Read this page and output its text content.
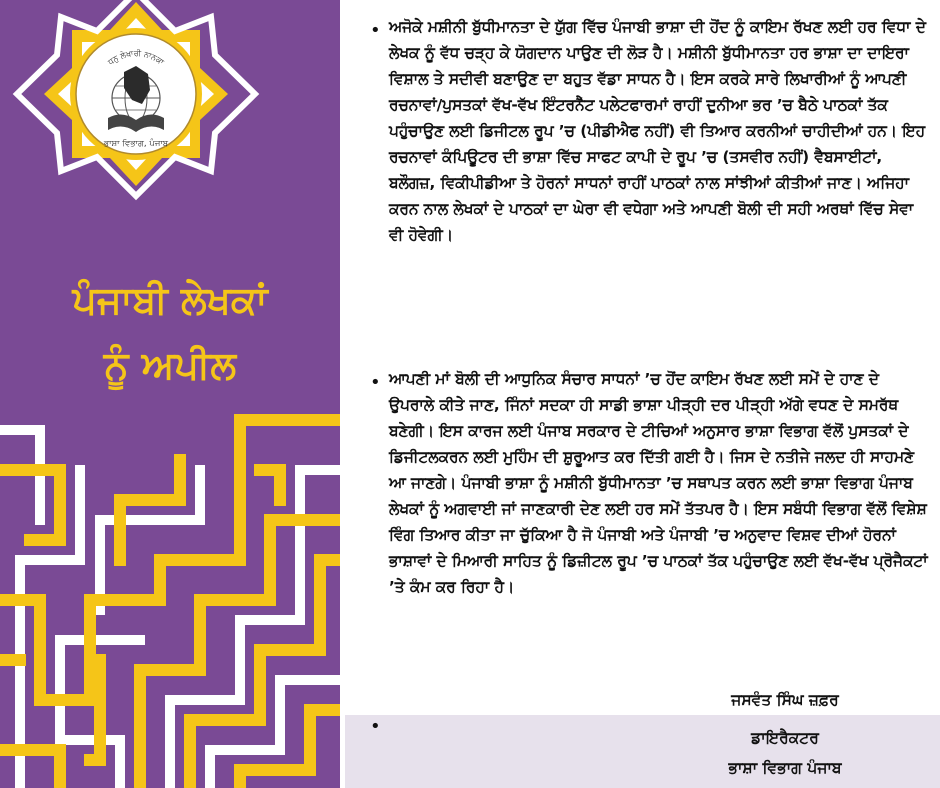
ਧਨੁ ਲੇਖਾਰੀ ਨਾਨਕਾ
ਭਾਸ਼ਾ ਵਿਭਾਗ, ਪੰਜਾਬ
ਪੰਜਾਬੀ ਲੇਖਕਾਂ
ਨੂੰ ਅਪੀਲ
• ਅਜੋਕੇ ਮਸ਼ੀਨੀ ਬੁੱਧੀਮਾਨਤਾ ਦੇ ਯੁੱਗ ਵਿੱਚ ਪੰਜਾਬੀ ਭਾਸ਼ਾ ਦੀ ਹੋਂਦ ਨੂੰ ਕਾਇਮ ਰੱਖਣ ਲਈ ਹਰ ਵਿਧਾ ਦੇ ਲੇਖਕ ਨੂੰ ਵੱਧ ਚੜ੍ਹ ਕੇ ਯੋਗਦਾਨ ਪਾਉਣ ਦੀ ਲੋੜ ਹੈ। ਮਸ਼ੀਨੀ ਬੁੱਧੀਮਾਨਤਾ ਹਰ ਭਾਸ਼ਾ ਦਾ ਦਾਇਰਾ ਵਿਸ਼ਾਲ ਤੇ ਸਦੀਵੀ ਬਣਾਉਣ ਦਾ ਬਹੁਤ ਵੱਡਾ ਸਾਧਨ ਹੈ। ਇਸ ਕਰਕੇ ਸਾਰੇ ਲਿਖਾਰੀਆਂ ਨੂੰ ਆਪਣੀ ਰਚਨਾਵਾਂ/ਪੁਸਤਕਾਂ ਵੱਖ-ਵੱਖ ਇੰਟਰਨੈੱਟ ਪਲੇਟਫਾਰਮਾਂ ਰਾਹੀਂ ਦੁਨੀਆ ਭਰ ’ਚ ਬੈਠੇ ਪਾਠਕਾਂ ਤੱਕ ਪਹੁੰਚਾਉਣ ਲਈ ਡਿਜੀਟਲ ਰੂਪ ’ਚ (ਪੀਡੀਐਫ ਨਹੀਂ) ਵੀ ਤਿਆਰ ਕਰਨੀਆਂ ਚਾਹੀਦੀਆਂ ਹਨ। ਇਹ ਰਚਨਾਵਾਂ ਕੰਪਿਊਟਰ ਦੀ ਭਾਸ਼ਾ ਵਿੱਚ ਸਾਫਟ ਕਾਪੀ ਦੇ ਰੂਪ ’ਚ (ਤਸਵੀਰ ਨਹੀਂ) ਵੈਬਸਾਈਟਾਂ, ਬਲੌਗਜ਼, ਵਿਕੀਪੀਡੀਆ ਤੇ ਹੋਰਨਾਂ ਸਾਧਨਾਂ ਰਾਹੀਂ ਪਾਠਕਾਂ ਨਾਲ ਸਾਂਝੀਆਂ ਕੀਤੀਆਂ ਜਾਣ। ਅਜਿਹਾ ਕਰਨ ਨਾਲ ਲੇਖਕਾਂ ਦੇ ਪਾਠਕਾਂ ਦਾ ਘੇਰਾ ਵੀ ਵਧੇਗਾ ਅਤੇ ਆਪਣੀ ਬੋਲੀ ਦੀ ਸਹੀ ਅਰਥਾਂ ਵਿੱਚ ਸੇਵਾ ਵੀ ਹੋਵੇਗੀ।

• ਆਪਣੀ ਮਾਂ ਬੋਲੀ ਦੀ ਆਧੁਨਿਕ ਸੰਚਾਰ ਸਾਧਨਾਂ ’ਚ ਹੋਂਦ ਕਾਇਮ ਰੱਖਣ ਲਈ ਸਮੇਂ ਦੇ ਹਾਣ ਦੇ ਉਪਰਾਲੇ ਕੀਤੇ ਜਾਣ, ਜਿੰਨਾਂ ਸਦਕਾ ਹੀ ਸਾਡੀ ਭਾਸ਼ਾ ਪੀੜ੍ਹੀ ਦਰ ਪੀੜ੍ਹੀ ਅੱਗੇ ਵਧਣ ਦੇ ਸਮਰੱਥ ਬਣੇਗੀ। ਇਸ ਕਾਰਜ ਲਈ ਪੰਜਾਬ ਸਰਕਾਰ ਦੇ ਟੀਚਿਆਂ ਅਨੁਸਾਰ ਭਾਸ਼ਾ ਵਿਭਾਗ ਵੱਲੋਂ ਪੁਸਤਕਾਂ ਦੇ ਡਿਜੀਟਲਕਰਨ ਲਈ ਮੁਹਿੰਮ ਦੀ ਸ਼ੁਰੂਆਤ ਕਰ ਦਿੱਤੀ ਗਈ ਹੈ। ਜਿਸ ਦੇ ਨਤੀਜੇ ਜਲਦ ਹੀ ਸਾਹਮਣੇ ਆ ਜਾਣਗੇ। ਪੰਜਾਬੀ ਭਾਸ਼ਾ ਨੂੰ ਮਸ਼ੀਨੀ ਬੁੱਧੀਮਾਨਤਾ ’ਚ ਸਥਾਪਤ ਕਰਨ ਲਈ ਭਾਸ਼ਾ ਵਿਭਾਗ ਪੰਜਾਬ ਲੇਖਕਾਂ ਨੂੰ ਅਗਵਾਈ ਜਾਂ ਜਾਣਕਾਰੀ ਦੇਣ ਲਈ ਹਰ ਸਮੇਂ ਤੱਤਪਰ ਹੈ। ਇਸ ਸਬੰਧੀ ਵਿਭਾਗ ਵੱਲੋਂ ਵਿਸ਼ੇਸ਼ ਵਿੰਗ ਤਿਆਰ ਕੀਤਾ ਜਾ ਚੁੱਕਿਆ ਹੈ ਜੋ ਪੰਜਾਬੀ ਅਤੇ ਪੰਜਾਬੀ ’ਚ ਅਨੁਵਾਦ ਵਿਸ਼ਵ ਦੀਆਂ ਹੋਰਨਾਂ ਭਾਸ਼ਾਵਾਂ ਦੇ ਮਿਆਰੀ ਸਾਹਿਤ ਨੂੰ ਡਿਜ਼ੀਟਲ ਰੂਪ ’ਚ ਪਾਠਕਾਂ ਤੱਕ ਪਹੁੰਚਾਉਣ ਲਈ ਵੱਖ-ਵੱਖ ਪ੍ਰੋਜੈਕਟਾਂ ’ਤੇ ਕੰਮ ਕਰ ਰਿਹਾ ਹੈ।

•
ਜਸਵੰਤ ਸਿੰਘ ਜ਼ਫ਼ਰ
ਡਾਇਰੈਕਟਰ
ਭਾਸ਼ਾ ਵਿਭਾਗ ਪੰਜਾਬ
